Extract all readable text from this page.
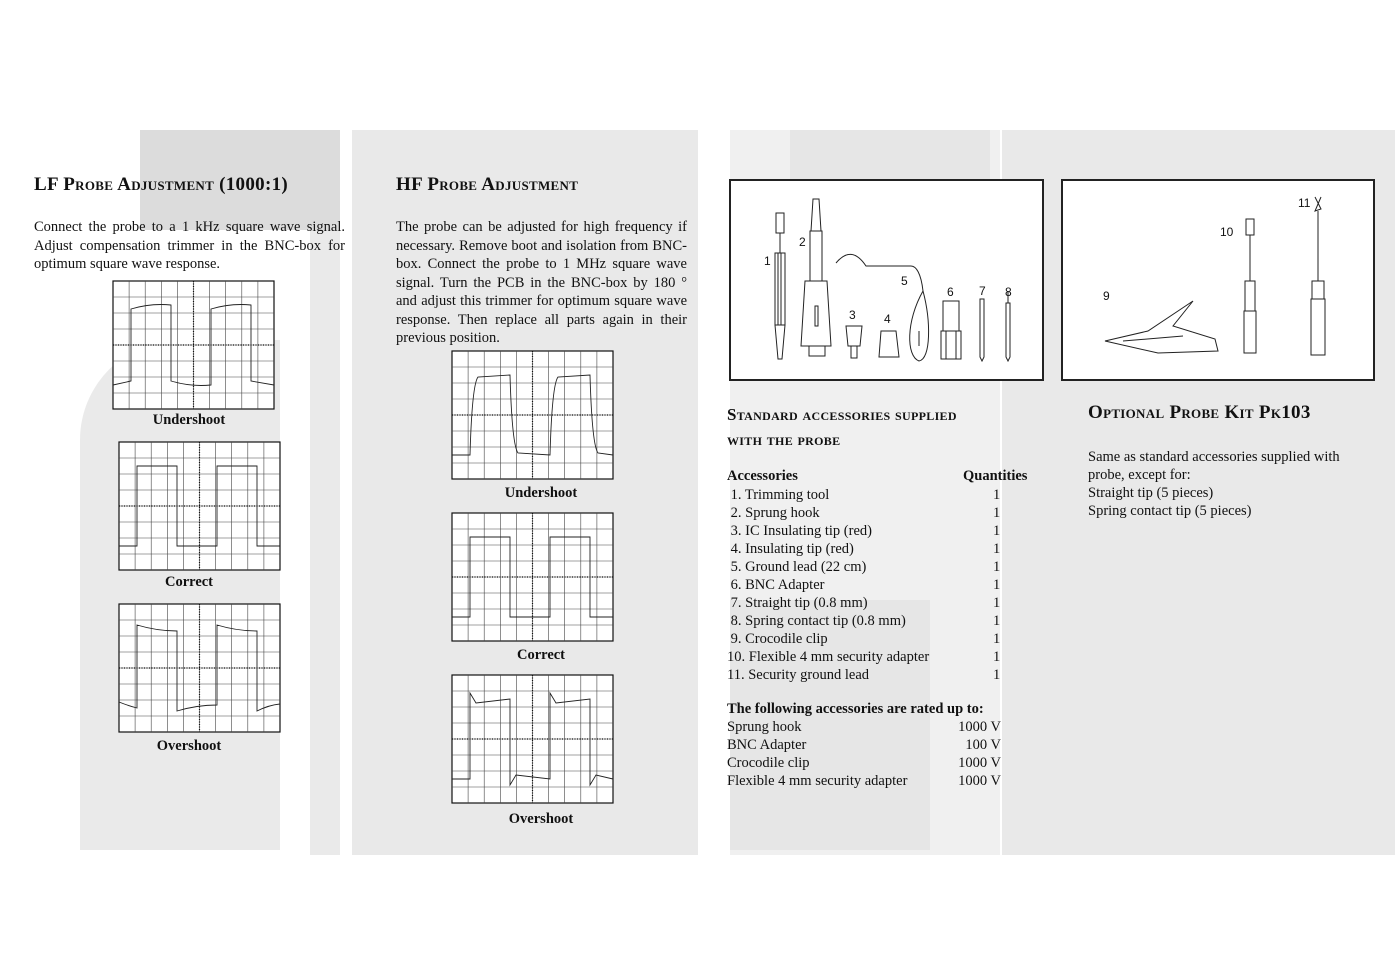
LF Probe Adjustment (1000:1)

Connect the probe to a 1 kHz square wave signal. Adjust compensation trimmer in the BNC-box for optimum square wave response.

Undershoot
Correct
Overshoot
HF Probe Adjustment

The probe can be adjusted for high frequency if necessary. Remove boot and isolation from BNC-box. Connect the probe to 1 MHz square wave signal. Turn the PCB in the BNC-box by 180 ° and adjust this trimmer for optimum square wave response. Then replace all parts again in their previous position.

Undershoot
Correct
Overshoot
1
2
3 4
5
6 7 8	9
10
11
Standard accessories supplied
with the probe
Accessories	Quantities
1. Trimming tool	1
2. Sprung hook	1
3. IC Insulating tip (red)	1
4. Insulating tip (red)	1
5. Ground lead (22 cm)	1
6. BNC Adapter	1
7. Straight tip (0.8 mm)	1
8. Spring contact tip (0.8 mm)	1
9. Crocodile clip	1
10. Flexible 4 mm security adapter	1
11. Security ground lead	1
The following accessories are rated up to:
Sprung hook	1000 V
BNC Adapter	100 V
Crocodile clip	1000 V
Flexible 4 mm security adapter	1000 V
Optional Probe Kit Pk103
Same as standard accessories supplied with
probe, except for:
Straight tip (5 pieces)
Spring contact tip (5 pieces)
